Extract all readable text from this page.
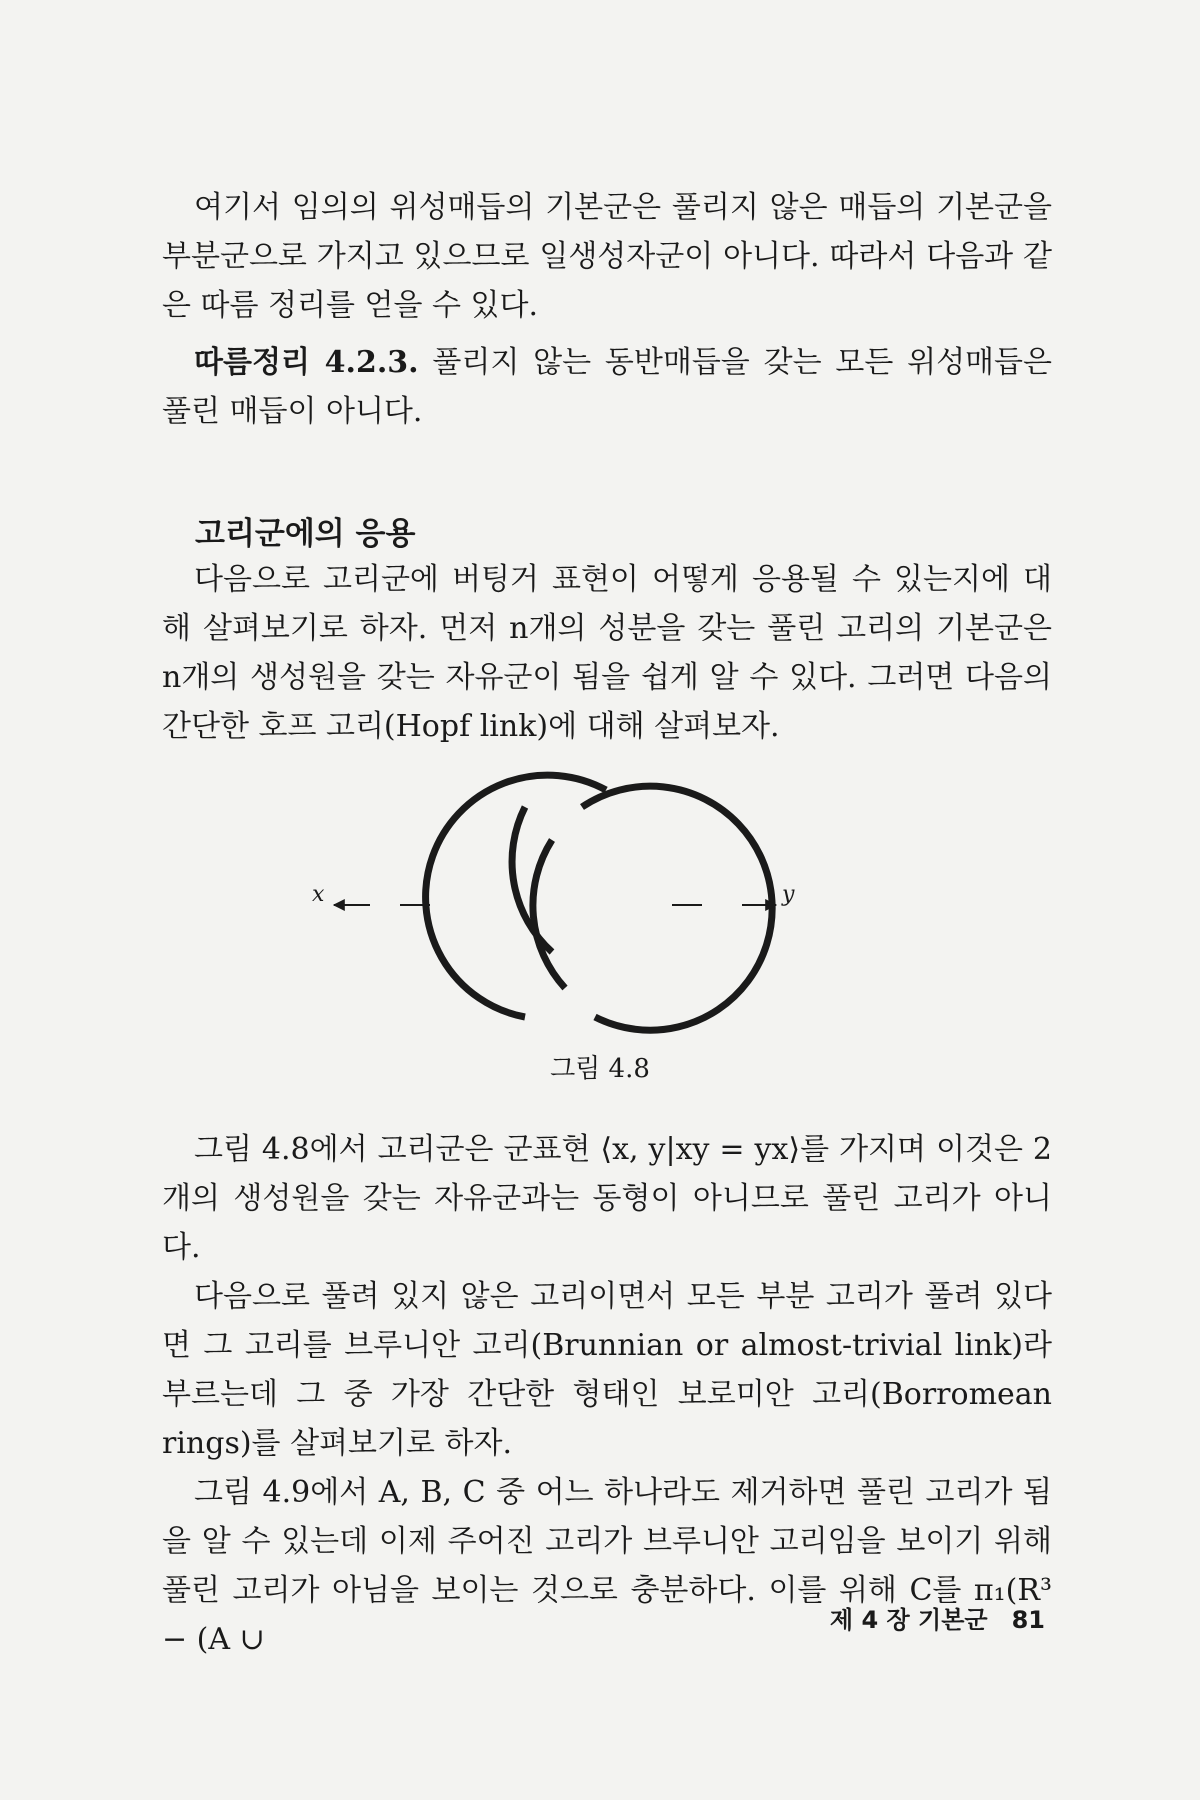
여기서 임의의 위성매듭의 기본군은 풀리지 않은 매듭의 기본군을 부분군으로 가지고 있으므로 일생성자군이 아니다. 따라서 다음과 같은 따름 정리를 얻을 수 있다.

따름정리 4.2.3. 풀리지 않는 동반매듭을 갖는 모든 위성매듭은 풀린 매듭이 아니다.

고리군에의 응용

다음으로 고리군에 버팅거 표현이 어떻게 응용될 수 있는지에 대해 살펴보기로 하자. 먼저 n개의 성분을 갖는 풀린 고리의 기본군은 n개의 생성원을 갖는 자유군이 됨을 쉽게 알 수 있다. 그러면 다음의 간단한 호프 고리(Hopf link)에 대해 살펴보자.

x	y
그림 4.8

그림 4.8에서 고리군은 군표현 ⟨x, y|xy = yx⟩를 가지며 이것은 2개의 생성원을 갖는 자유군과는 동형이 아니므로 풀린 고리가 아니다.

다음으로 풀려 있지 않은 고리이면서 모든 부분 고리가 풀려 있다면 그 고리를 브루니안 고리(Brunnian or almost-trivial link)라 부르는데 그 중 가장 간단한 형태인 보로미안 고리(Borromean rings)를 살펴보기로 하자.

그림 4.9에서 A, B, C 중 어느 하나라도 제거하면 풀린 고리가 됨을 알 수 있는데 이제 주어진 고리가 브루니안 고리임을 보이기 위해 풀린 고리가 아님을 보이는 것으로 충분하다. 이를 위해 C를 π₁(R³ − (A ∪

제 4 장 기본군 81
